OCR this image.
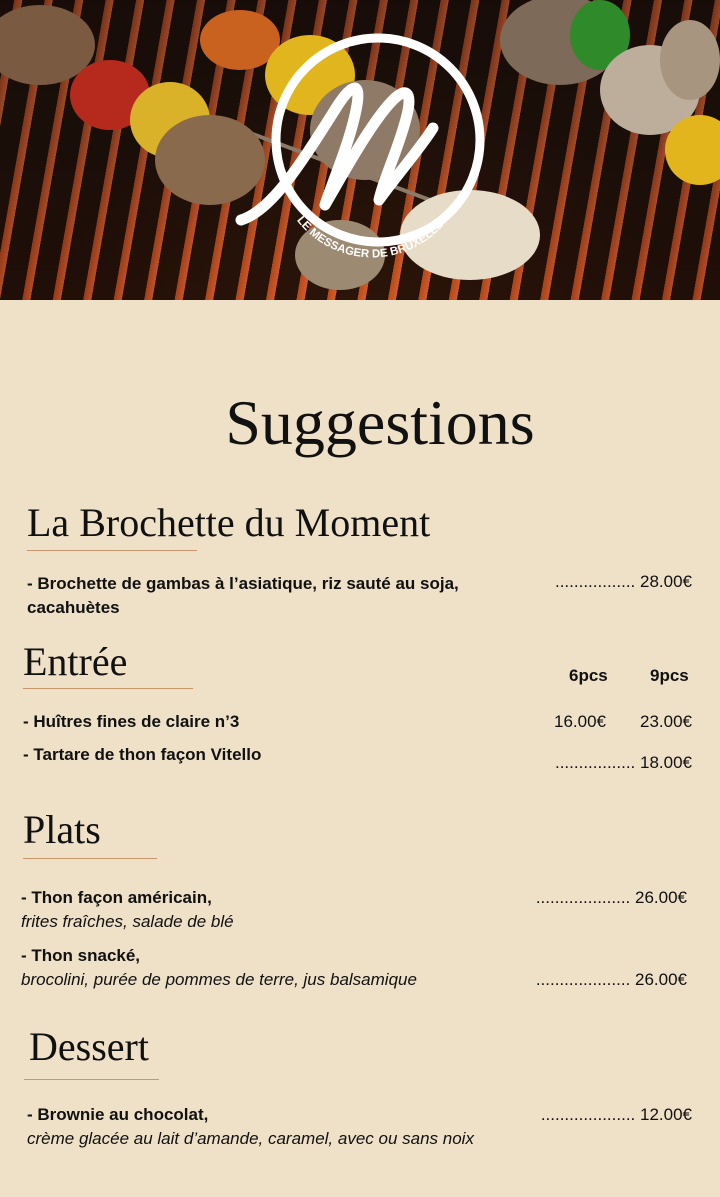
LE MESSAGER DE BRUXELLES
Suggestions
La Brochette du Moment
- Brochette de gambas à l’asiatique, riz sauté au soja,
cacahuètes
................. 28.00€
Entrée	6pcs 9pcs
- Huîtres fines de claire n’3	16.00€ 23.00€
- Tartare de thon façon Vitello	................. 18.00€
Plats
- Thon façon américain,
frites fraîches, salade de blé
.................... 26.00€
- Thon snacké,
brocolini, purée de pommes de terre, jus balsamique	.................... 26.00€
Dessert
- Brownie au chocolat,
crème glacée au lait d’amande, caramel, avec ou sans noix
.................... 12.00€
